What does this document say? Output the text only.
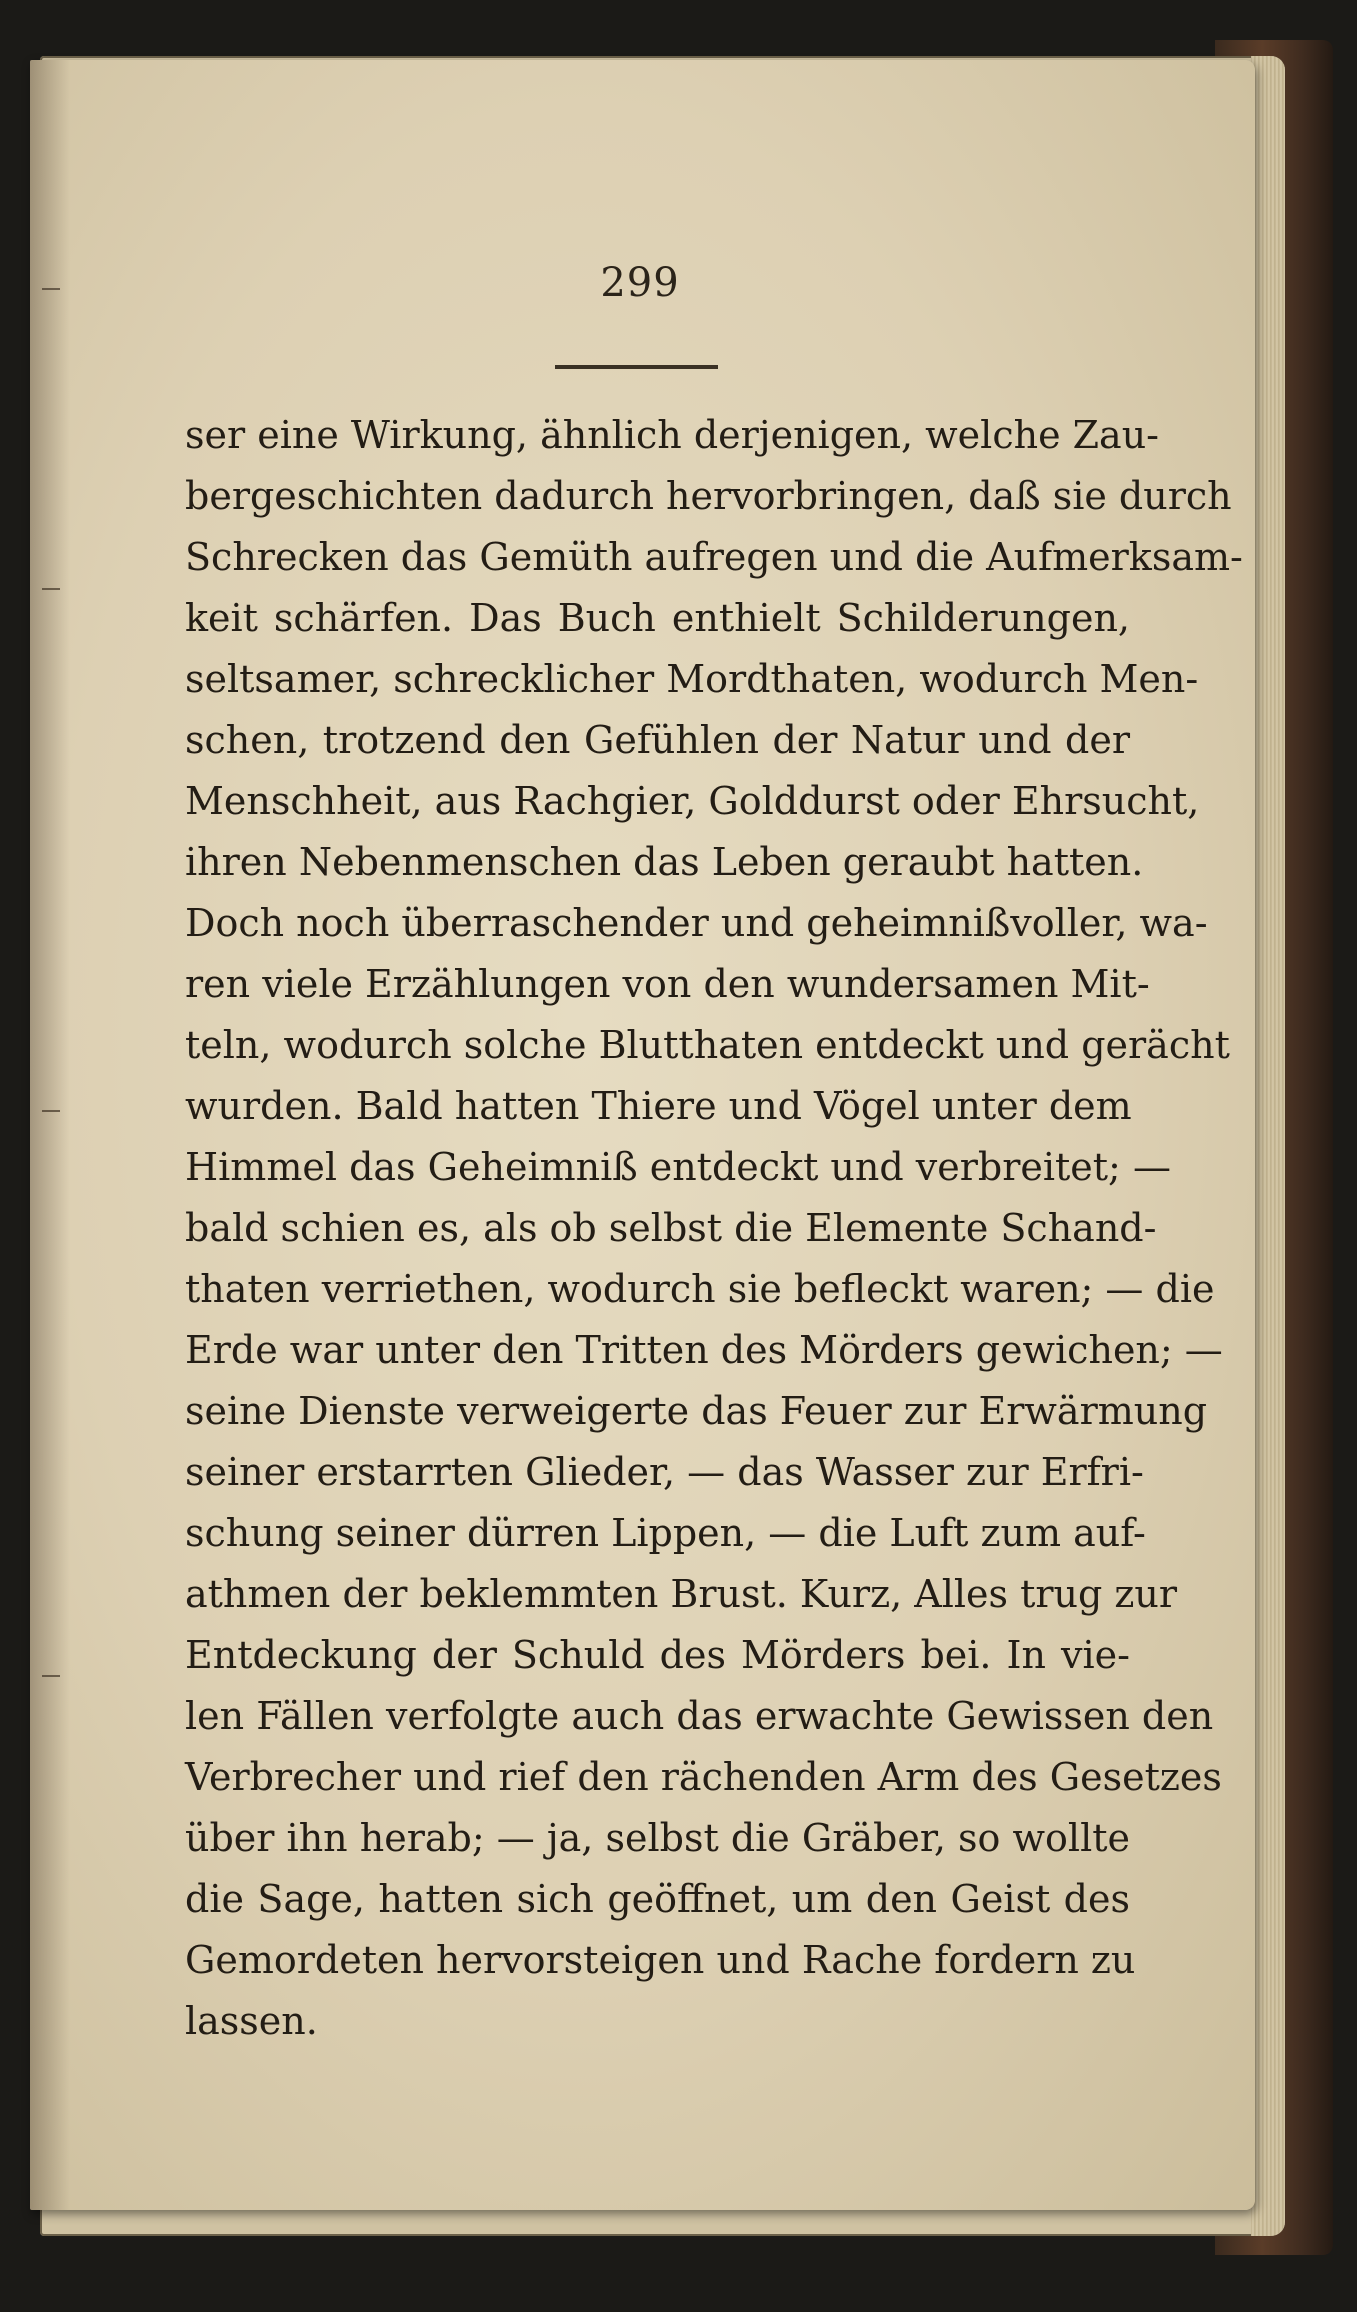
299
ser eine Wirkung, ähnlich derjenigen, welche Zau-
bergeschichten dadurch hervorbringen, daß sie durch
Schrecken das Gemüth aufregen und die Aufmerksam-
keit schärfen. Das Buch enthielt Schilderungen,
seltsamer, schrecklicher Mordthaten, wodurch Men-
schen, trotzend den Gefühlen der Natur und der
Menschheit, aus Rachgier, Golddurst oder Ehrsucht,
ihren Nebenmenschen das Leben geraubt hatten.
Doch noch überraschender und geheimnißvoller, wa-
ren viele Erzählungen von den wundersamen Mit-
teln, wodurch solche Blutthaten entdeckt und gerächt
wurden. Bald hatten Thiere und Vögel unter dem
Himmel das Geheimniß entdeckt und verbreitet; —
bald schien es, als ob selbst die Elemente Schand-
thaten verriethen, wodurch sie befleckt waren; — die
Erde war unter den Tritten des Mörders gewichen; —
seine Dienste verweigerte das Feuer zur Erwärmung
seiner erstarrten Glieder, — das Wasser zur Erfri-
schung seiner dürren Lippen, — die Luft zum auf-
athmen der beklemmten Brust. Kurz, Alles trug zur
Entdeckung der Schuld des Mörders bei. In vie-
len Fällen verfolgte auch das erwachte Gewissen den
Verbrecher und rief den rächenden Arm des Gesetzes
über ihn herab; — ja, selbst die Gräber, so wollte
die Sage, hatten sich geöffnet, um den Geist des
Gemordeten hervorsteigen und Rache fordern zu
lassen.
